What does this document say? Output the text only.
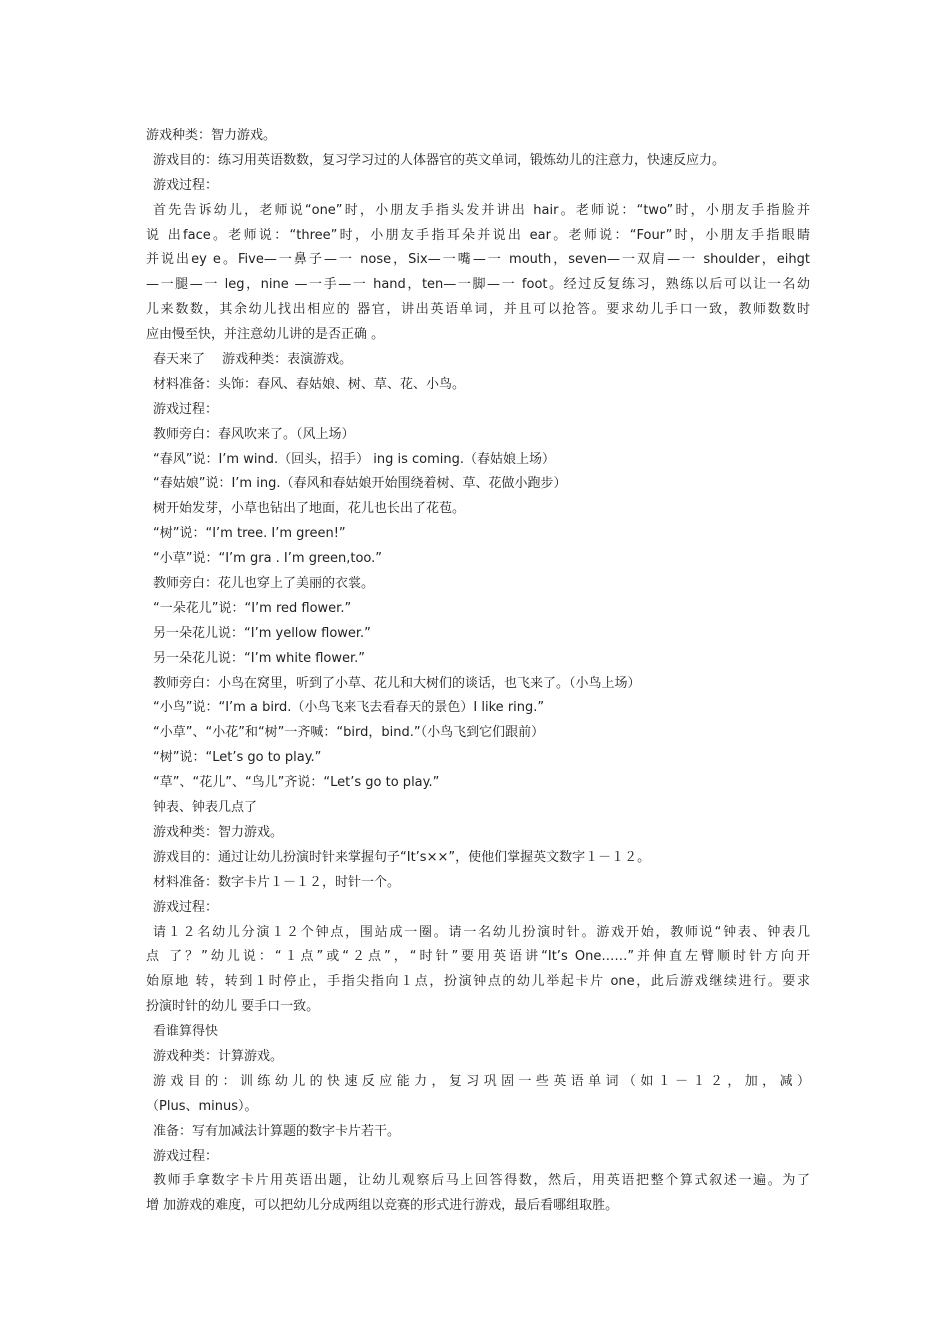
游戏种类：智力游戏。
游戏目的：练习用英语数数，复习学习过的人体器官的英文单词，锻炼幼儿的注意力，快速反应力。
游戏过程：
首先告诉幼儿，老师说“one”时，小朋友手指头发并讲出 hair。老师说：“two”时，小朋友手指脸并
说 出face。老师说：“three”时，小朋友手指耳朵并说出 ear。老师说：“Four”时，小朋友手指眼睛
并说出ey e。Five—一鼻子—一 nose，Six—一嘴—一 mouth，seven—一双肩—一 shoulder，eihgt
—一腿—一 leg，nine —一手—一 hand，ten—一脚—一 foot。经过反复练习，熟练以后可以让一名幼
儿来数数，其余幼儿找出相应的 器官，讲出英语单词，并且可以抢答。要求幼儿手口一致，教师数数时
应由慢至快，并注意幼儿讲的是否正确 。
春天来了　 游戏种类：表演游戏。
材料准备：头饰：春风、春姑娘、树、草、花、小鸟。
游戏过程：
教师旁白：春风吹来了。（风上场）
“春风”说：I’m wind.（回头，招手） ing is coming.（春姑娘上场）
“春姑娘”说：I’m ing.（春风和春姑娘开始围绕着树、草、花做小跑步）
树开始发芽，小草也钻出了地面，花儿也长出了花苞。
“树”说：“I’m tree. I’m green!”
“小草”说：“I’m gra . I’m green,too.”
教师旁白：花儿也穿上了美丽的衣裳。
“一朵花儿”说：“I’m red flower.”
另一朵花儿说：“I’m yellow flower.”
另一朵花儿说：“I’m white flower.”
教师旁白：小鸟在窝里，听到了小草、花儿和大树们的谈话，也飞来了。（小鸟上场）
“小鸟”说：“I’m a bird.（小鸟飞来飞去看春天的景色）I like ring.”
“小草”、“小花”和“树”一齐喊：“bird，bind.”（小鸟飞到它们跟前）
“树”说：“Let’s go to play.”
“草”、“花儿”、“鸟儿”齐说：“Let’s go to play.”
钟表、钟表几点了
游戏种类：智力游戏。
游戏目的：通过让幼儿扮演时针来掌握句子“It’s××”，使他们掌握英文数字１－１２。
材料准备：数字卡片１－１２，时针一个。
游戏过程：
请１２名幼儿分演１２个钟点，围站成一圈。请一名幼儿扮演时针。游戏开始，教师说“钟表、钟表几
点 了？”幼儿说：“１点”或“２点”，“时针”要用英语讲“It’s One……”并伸直左臂顺时针方向开
始原地 转，转到１时停止，手指尖指向１点，扮演钟点的幼儿举起卡片 one，此后游戏继续进行。要求
扮演时针的幼儿 要手口一致。
看谁算得快
游戏种类：计算游戏。
游戏目的：训练幼儿的快速反应能力，复习巩固一些英语单词（如１－１２，加，减）
（Plus、minus）。
准备：写有加减法计算题的数字卡片若干。
游戏过程：
教师手拿数字卡片用英语出题，让幼儿观察后马上回答得数，然后，用英语把整个算式叙述一遍。为了
增 加游戏的难度，可以把幼儿分成两组以竞赛的形式进行游戏，最后看哪组取胜。
